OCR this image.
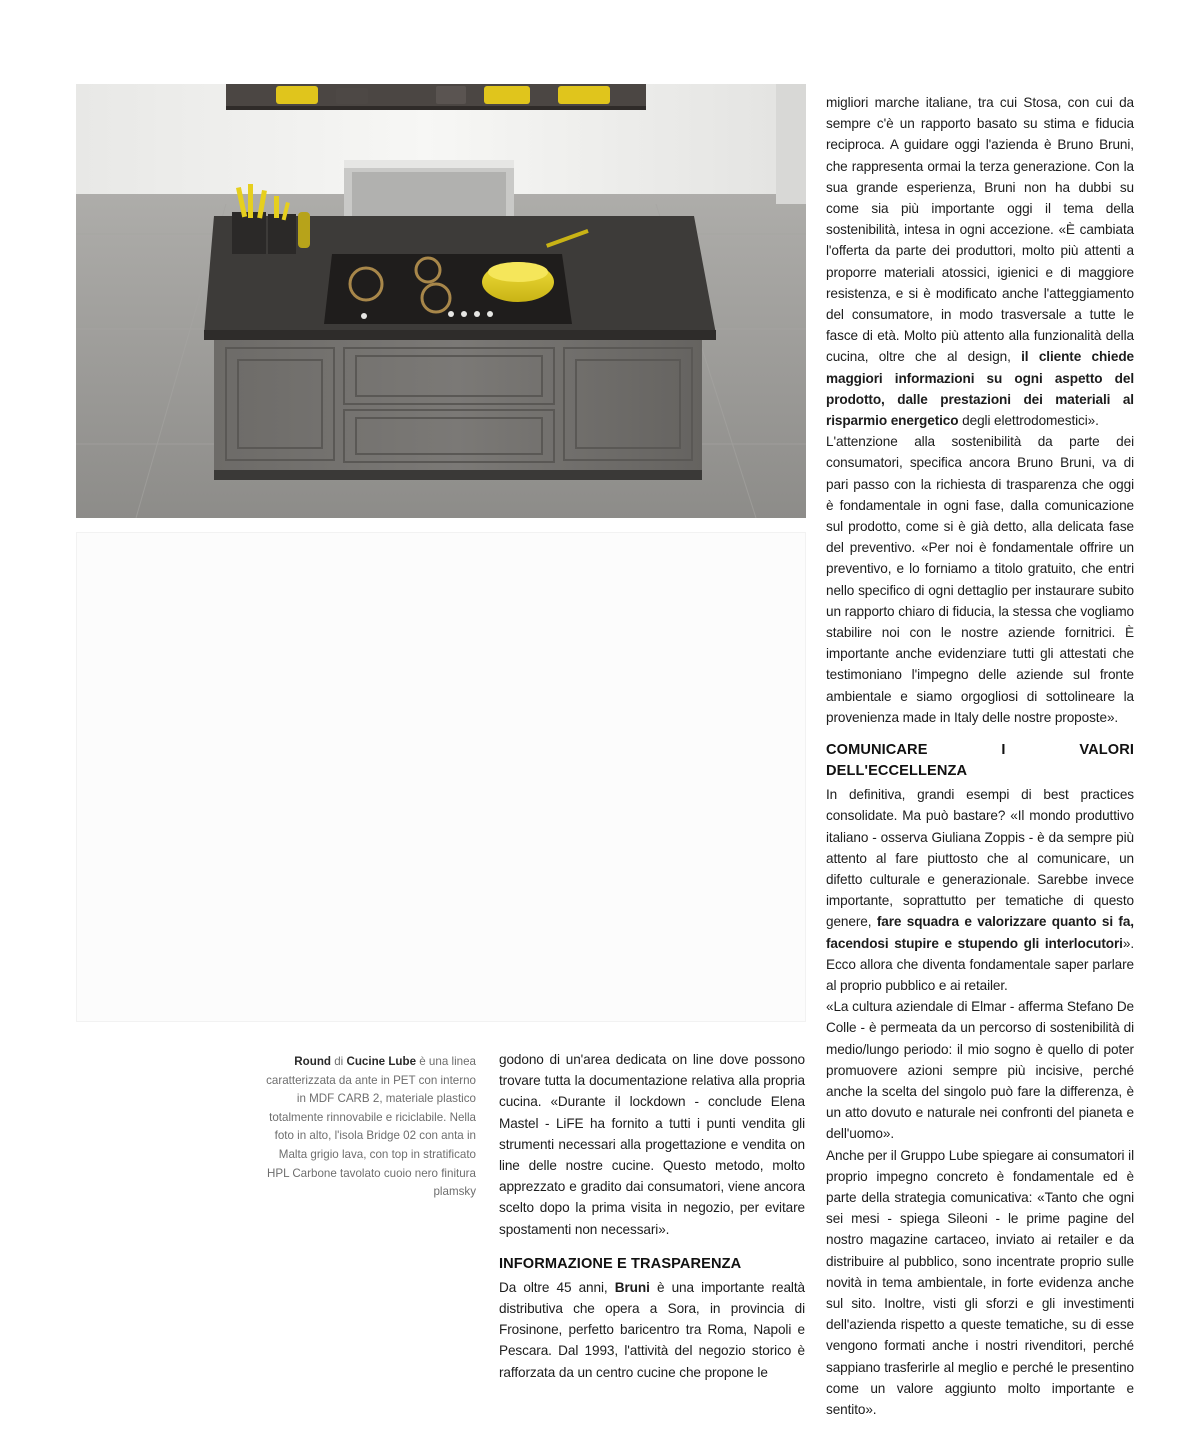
Round di Cucine Lube è una linea caratterizzata da ante in PET con interno in MDF CARB 2, materiale plastico totalmente rinnovabile e riciclabile. Nella foto in alto, l'isola Bridge 02 con anta in Malta grigio lava, con top in stratificato HPL Carbone tavolato cuoio nero finitura plamsky

godono di un'area dedicata on line dove possono trovare tutta la documentazione relativa alla propria cucina. «Durante il lockdown - conclude Elena Mastel - LiFE ha fornito a tutti i punti vendita gli strumenti necessari alla progettazione e vendita on line delle nostre cucine. Questo metodo, molto apprezzato e gradito dai consumatori, viene ancora scelto dopo la prima visita in negozio, per evitare spostamenti non necessari».

INFORMAZIONE E TRASPARENZA

Da oltre 45 anni, Bruni è una importante realtà distributiva che opera a Sora, in provincia di Frosinone, perfetto baricentro tra Roma, Napoli e Pescara. Dal 1993, l'attività del negozio storico è rafforzata da un centro cucine che propone le

migliori marche italiane, tra cui Stosa, con cui da sempre c'è un rapporto basato su stima e fiducia reciproca. A guidare oggi l'azienda è Bruno Bruni, che rappresenta ormai la terza generazione. Con la sua grande esperienza, Bruni non ha dubbi su come sia più importante oggi il tema della sostenibilità, intesa in ogni accezione. «È cambiata l'offerta da parte dei produttori, molto più attenti a proporre materiali atossici, igienici e di maggiore resistenza, e si è modificato anche l'atteggiamento del consumatore, in modo trasversale a tutte le fasce di età. Molto più attento alla funzionalità della cucina, oltre che al design, il cliente chiede maggiori informazioni su ogni aspetto del prodotto, dalle prestazioni dei materiali al risparmio energetico degli elettrodomestici».

L'attenzione alla sostenibilità da parte dei consumatori, specifica ancora Bruno Bruni, va di pari passo con la richiesta di trasparenza che oggi è fondamentale in ogni fase, dalla comunicazione sul prodotto, come si è già detto, alla delicata fase del preventivo. «Per noi è fondamentale offrire un preventivo, e lo forniamo a titolo gratuito, che entri nello specifico di ogni dettaglio per instaurare subito un rapporto chiaro di fiducia, la stessa che vogliamo stabilire noi con le nostre aziende fornitrici. È importante anche evidenziare tutti gli attestati che testimoniano l'impegno delle aziende sul fronte ambientale e siamo orgogliosi di sottolineare la provenienza made in Italy delle nostre proposte».

COMUNICARE I VALORI DELL'ECCELLENZA

In definitiva, grandi esempi di best practices consolidate. Ma può bastare? «Il mondo produttivo italiano - osserva Giuliana Zoppis - è da sempre più attento al fare piuttosto che al comunicare, un difetto culturale e generazionale. Sarebbe invece importante, soprattutto per tematiche di questo genere, fare squadra e valorizzare quanto si fa, facendosi stupire e stupendo gli interlocutori». Ecco allora che diventa fondamentale saper parlare al proprio pubblico e ai retailer.

«La cultura aziendale di Elmar - afferma Stefano De Colle - è permeata da un percorso di sostenibilità di medio/lungo periodo: il mio sogno è quello di poter promuovere azioni sempre più incisive, perché anche la scelta del singolo può fare la differenza, è un atto dovuto e naturale nei confronti del pianeta e dell'uomo».

Anche per il Gruppo Lube spiegare ai consumatori il proprio impegno concreto è fondamentale ed è parte della strategia comunicativa: «Tanto che ogni sei mesi - spiega Sileoni - le prime pagine del nostro magazine cartaceo, inviato ai retailer e da distribuire al pubblico, sono incentrate proprio sulle novità in tema ambientale, in forte evidenza anche sul sito. Inoltre, visti gli sforzi e gli investimenti dell'azienda rispetto a queste tematiche, su di esse vengono formati anche i nostri rivenditori, perché sappiano trasferirle al meglio e perché le presentino come un valore aggiunto molto importante e sentito».
